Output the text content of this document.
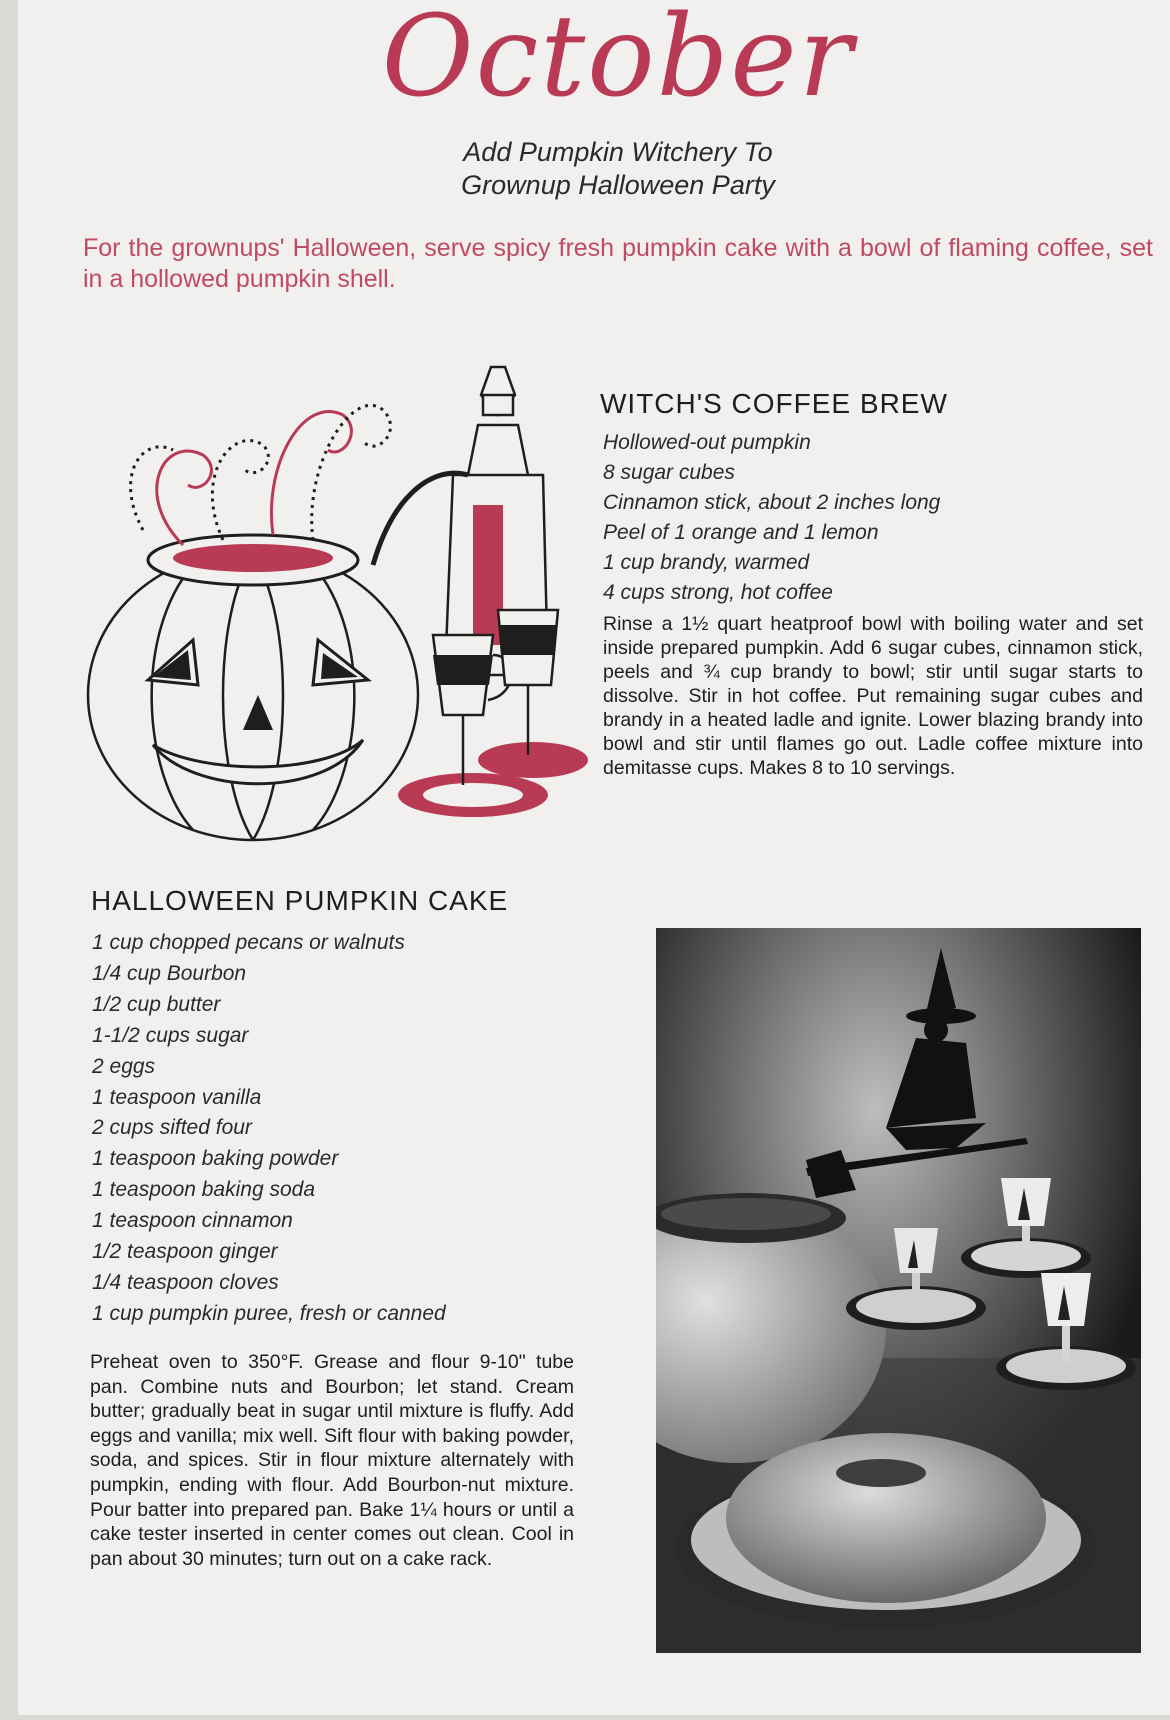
October
Add Pumpkin Witchery To
Grownup Halloween Party
For the grownups' Halloween, serve spicy fresh pumpkin cake with a bowl of flaming coffee, set in a hollowed pumpkin shell.
WITCH'S COFFEE BREW
Hollowed-out pumpkin
8 sugar cubes
Cinnamon stick, about 2 inches long
Peel of 1 orange and 1 lemon
1 cup brandy, warmed
4 cups strong, hot coffee
Rinse a 1½ quart heatproof bowl with boiling water and set inside prepared pumpkin. Add 6 sugar cubes, cinnamon stick, peels and ¾ cup brandy to bowl; stir until sugar starts to dissolve. Stir in hot coffee. Put remaining sugar cubes and brandy in a heated ladle and ignite. Lower blazing brandy into bowl and stir until flames go out. Ladle coffee mixture into demitasse cups. Makes 8 to 10 servings.
HALLOWEEN PUMPKIN CAKE
1 cup chopped pecans or walnuts
1/4 cup Bourbon
1/2 cup butter
1-1/2 cups sugar
2 eggs
1 teaspoon vanilla
2 cups sifted four
1 teaspoon baking powder
1 teaspoon baking soda
1 teaspoon cinnamon
1/2 teaspoon ginger
1/4 teaspoon cloves
1 cup pumpkin puree, fresh or canned
Preheat oven to 350°F. Grease and flour 9-10" tube pan. Combine nuts and Bourbon; let stand. Cream butter; gradually beat in sugar until mixture is fluffy. Add eggs and vanilla; mix well. Sift flour with baking powder, soda, and spices. Stir in flour mixture alternately with pumpkin, ending with flour. Add Bourbon-nut mixture. Pour batter into prepared pan. Bake 1¼ hours or until a cake tester inserted in center comes out clean. Cool in pan about 30 minutes; turn out on a cake rack.
